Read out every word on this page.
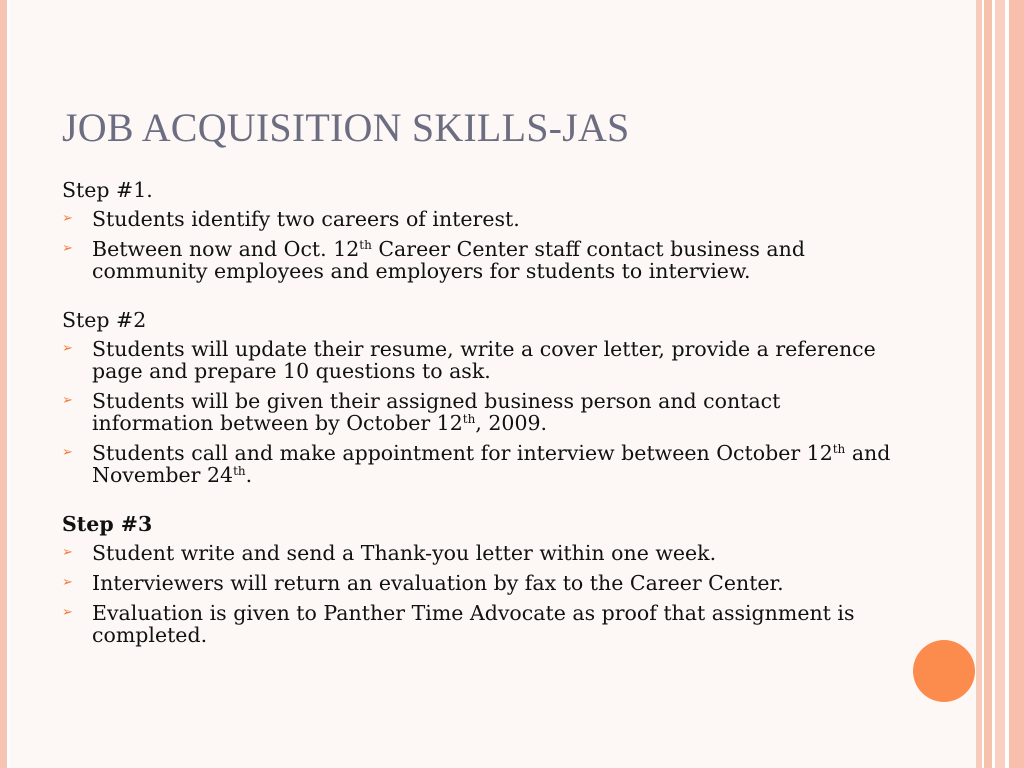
JOB ACQUISITION SKILLS-JAS
Step #1.
➢ Students identify two careers of interest.
➢ Between now and Oct. 12th Career Center staff contact business and community employees and employers for students to interview.
Step #2
➢ Students will update their resume, write a cover letter, provide a reference page and prepare 10 questions to ask.
➢ Students will be given their assigned business person and contact information between by October 12th, 2009.
➢ Students call and make appointment for interview between October 12th and November 24th.
Step #3
➢ Student write and send a Thank-you letter within one week.
➢ Interviewers will return an evaluation by fax to the Career Center.
➢ Evaluation is given to Panther Time Advocate as proof that assignment is completed.
